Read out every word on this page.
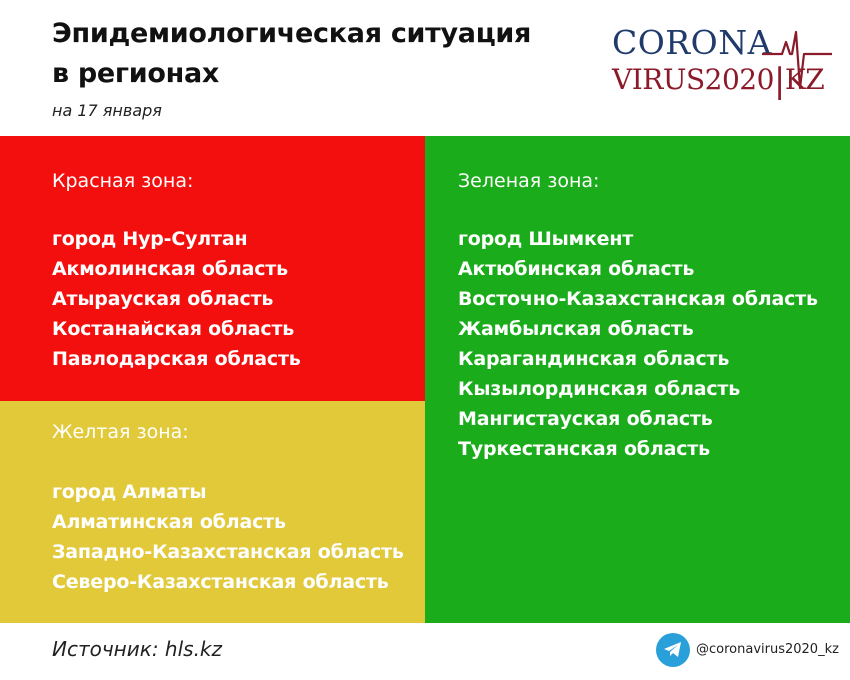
Эпидемиологическая ситуация
в регионах
на 17 января
CORONA
VIRUS2020|KZ
Красная зона:
город Нур-Султан
Акмолинская область
Атырауская область
Костанайская область
Павлодарская область
Желтая зона:
город Алматы
Алматинская область
Западно-Казахстанская область
Северо-Казахстанская область
Зеленая зона:
город Шымкент
Актюбинская область
Восточно-Казахстанская область
Жамбылская область
Карагандинская область
Кызылординская область
Мангистауская область
Туркестанская область
Источник: hls.kz	@coronavirus2020_kz
